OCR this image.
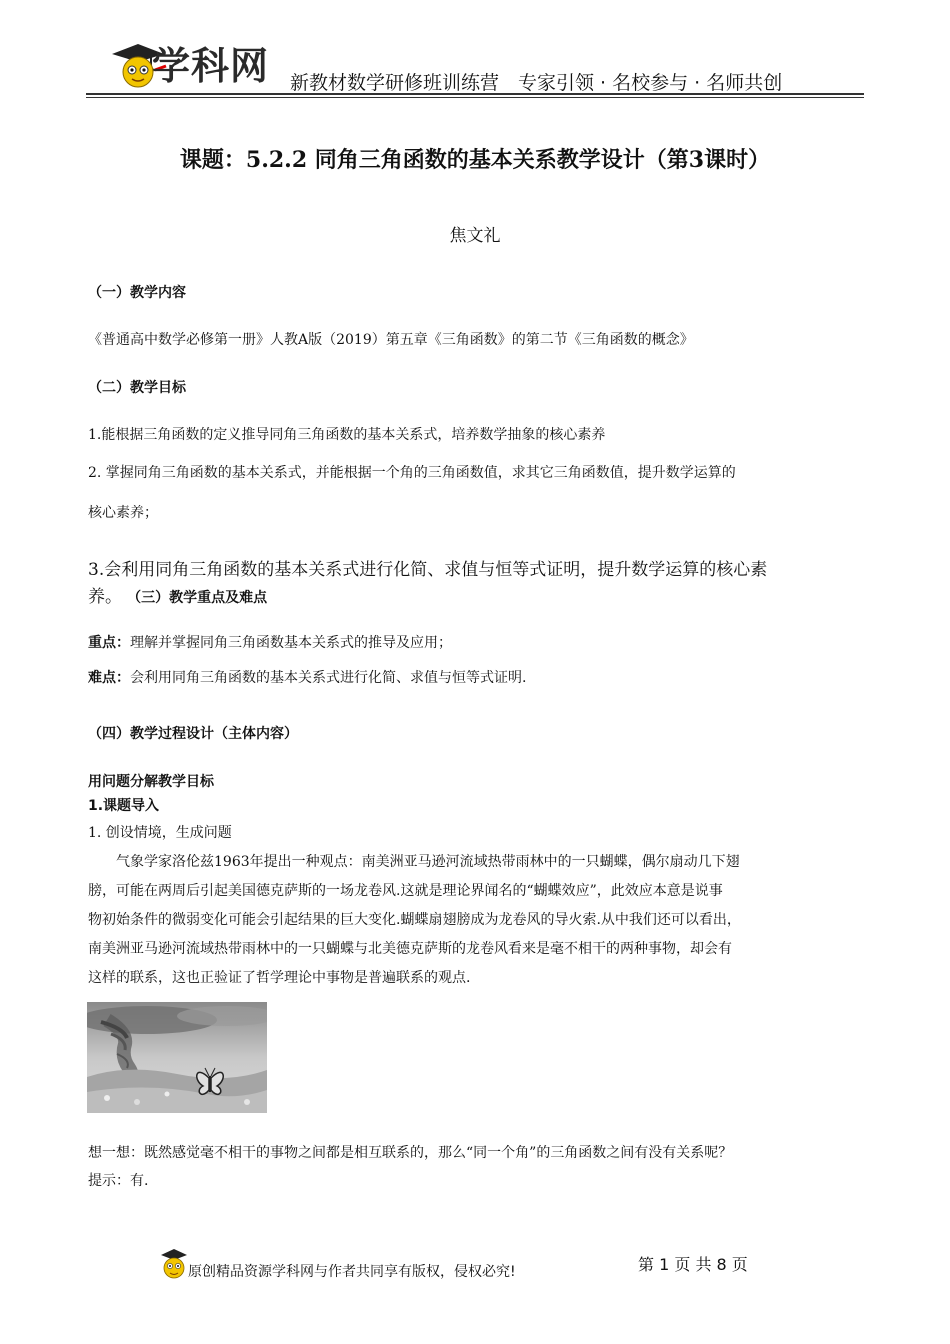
学科网 新教材数学研修班训练营　专家引领 · 名校参与 · 名师共创
课题：5.2.2 同角三角函数的基本关系教学设计（第3课时）
焦文礼
（一）教学内容
《普通高中数学必修第一册》人教A版（2019）第五章《三角函数》的第二节《三角函数的概念》
（二）教学目标
1.能根据三角函数的定义推导同角三角函数的基本关系式，培养数学抽象的核心素养
2. 掌握同角三角函数的基本关系式，并能根据一个角的三角函数值，求其它三角函数值，提升数学运算的
核心素养；
3.会利用同角三角函数的基本关系式进行化简、求值与恒等式证明，提升数学运算的核心素
养。 （三）教学重点及难点
重点：理解并掌握同角三角函数基本关系式的推导及应用；
难点：会利用同角三角函数的基本关系式进行化简、求值与恒等式证明.
（四）教学过程设计（主体内容）
用问题分解教学目标
1.课题导入
1. 创设情境，生成问题
　　气象学家洛伦兹1963年提出一种观点：南美洲亚马逊河流域热带雨林中的一只蝴蝶，偶尔扇动几下翅
膀，可能在两周后引起美国德克萨斯的一场龙卷风.这就是理论界闻名的“蝴蝶效应”，此效应本意是说事
物初始条件的微弱变化可能会引起结果的巨大变化.蝴蝶扇翅膀成为龙卷风的导火索.从中我们还可以看出，
南美洲亚马逊河流域热带雨林中的一只蝴蝶与北美德克萨斯的龙卷风看来是毫不相干的两种事物，却会有
这样的联系，这也正验证了哲学理论中事物是普遍联系的观点.
想一想：既然感觉毫不相干的事物之间都是相互联系的，那么“同一个角”的三角函数之间有没有关系呢？
提示：有.
原创精品资源学科网与作者共同享有版权，侵权必究!	第 1 页 共 8 页
